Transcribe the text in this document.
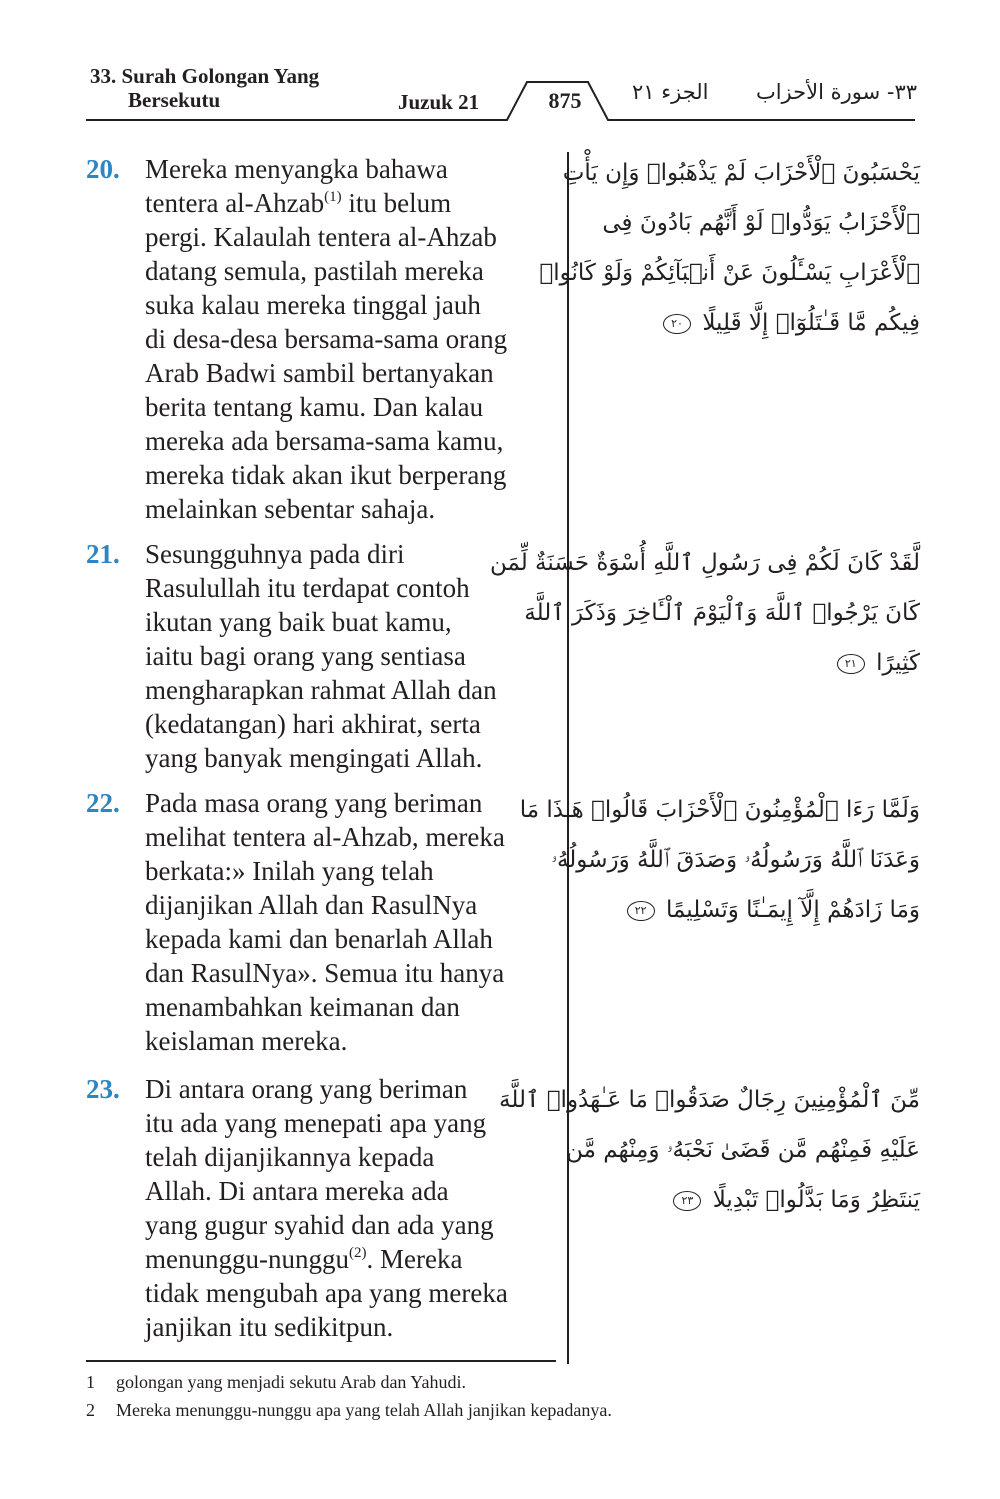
33. Surah Golongan Yang
Bersekutu	Juzuk 21	875	الجزء ٢١	٣٣- سورة الأحزاب
20. Mereka menyangka bahawa
tentera al-Ahzab$^{(1)}$ itu belum
pergi. Kalaulah tentera al-Ahzab
datang semula, pastilah mereka
suka kalau mereka tinggal jauh
di desa-desa bersama-sama orang
Arab Badwi sambil bertanyakan
berita tentang kamu. Dan kalau
mereka ada bersama-sama kamu,
mereka tidak akan ikut berperang
melainkan sebentar sahaja.
يَحْسَبُونَ ٱلْأَحْزَابَ لَمْ يَذْهَبُوا۟ وَإِن يَأْتِ
ٱلْأَحْزَابُ يَوَدُّوا۟ لَوْ أَنَّهُم بَادُونَ فِى
ٱلْأَعْرَابِ يَسْـَٔلُونَ عَنْ أَنۢبَآئِكُمْ وَلَوْ كَانُوا۟
فِيكُم مَّا قَـٰتَلُوٓا۟ إِلَّا قَلِيلًا ٢٠
21. Sesungguhnya pada diri
Rasulullah itu terdapat contoh
ikutan yang baik buat kamu,
iaitu bagi orang yang sentiasa
mengharapkan rahmat Allah dan
(kedatangan) hari akhirat, serta
yang banyak mengingati Allah.
لَّقَدْ كَانَ لَكُمْ فِى رَسُولِ ٱللَّهِ أُسْوَةٌ حَسَنَةٌ لِّمَن
كَانَ يَرْجُوا۟ ٱللَّهَ وَٱلْيَوْمَ ٱلْـَٔاخِرَ وَذَكَرَ ٱللَّهَ
كَثِيرًا ٢١
22. Pada masa orang yang beriman
melihat tentera al-Ahzab, mereka
berkata:» Inilah yang telah
dijanjikan Allah dan RasulNya
kepada kami dan benarlah Allah
dan RasulNya». Semua itu hanya
menambahkan keimanan dan
keislaman mereka.
وَلَمَّا رَءَا ٱلْمُؤْمِنُونَ ٱلْأَحْزَابَ قَالُوا۟ هَـٰذَا مَا
وَعَدَنَا ٱللَّهُ وَرَسُولُهُۥ وَصَدَقَ ٱللَّهُ وَرَسُولُهُۥ
وَمَا زَادَهُمْ إِلَّآ إِيمَـٰنًا وَتَسْلِيمًا ٢٢
23. Di antara orang yang beriman
itu ada yang menepati apa yang
telah dijanjikannya kepada
Allah. Di antara mereka ada
yang gugur syahid dan ada yang
menunggu-nunggu$^{(2)}$. Mereka
tidak mengubah apa yang mereka
janjikan itu sedikitpun.
مِّنَ ٱلْمُؤْمِنِينَ رِجَالٌ صَدَقُوا۟ مَا عَـٰهَدُوا۟ ٱللَّهَ
عَلَيْهِ فَمِنْهُم مَّن قَضَىٰ نَحْبَهُۥ وَمِنْهُم مَّن
يَنتَظِرُ وَمَا بَدَّلُوا۟ تَبْدِيلًا ٢٣
1 golongan yang menjadi sekutu Arab dan Yahudi.
2 Mereka menunggu-nunggu apa yang telah Allah janjikan kepadanya.
